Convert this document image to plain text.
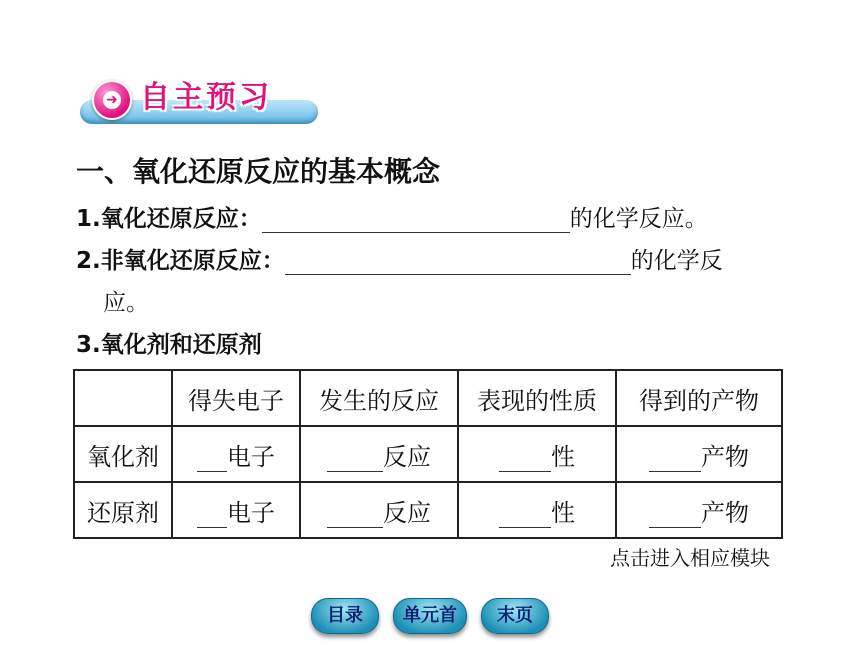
➜ 自主预习
一、氧化还原反应的基本概念
1.氧化还原反应：	的化学反应。
2.非氧化还原反应：	的化学反
应。
3.氧化剂和还原剂
	得失电子	发生的反应	表现的性质	得到的产物
氧化剂	电子	反应	性	产物
还原剂	电子	反应	性	产物
点击进入相应模块
目录	单元首	末页
